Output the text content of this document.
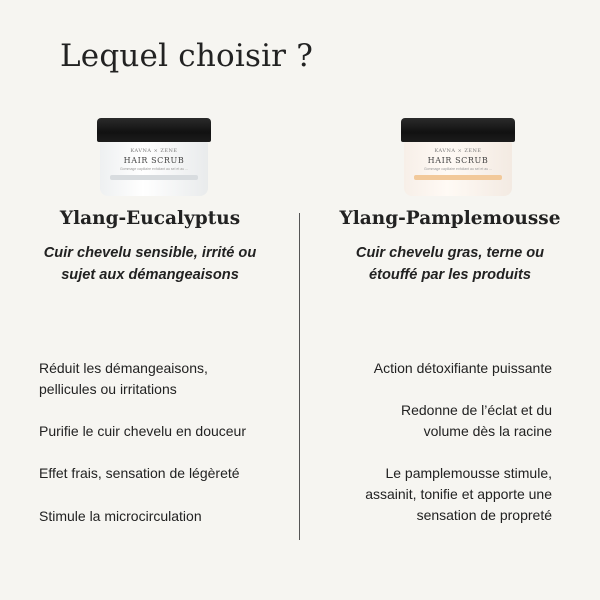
Lequel choisir ?
KAVNA × ZENE
HAIR SCRUB
Gommage capillaire exfoliant au sel et au ...
Ylang-Eucalyptus

Cuir chevelu sensible, irrité ou sujet aux démangeaisons

Réduit les démangeaisons,
pellicules ou irritations

Purifie le cuir chevelu en douceur

Effet frais, sensation de légèreté

Stimule la microcirculation

KAVNA × ZENE
HAIR SCRUB
Gommage capillaire exfoliant au sel et au ...
Ylang-Pamplemousse

Cuir chevelu gras, terne ou étouffé par les produits

Action détoxifiante puissante

Redonne de l’éclat et du
volume dès la racine

Le pamplemousse stimule,
assainit, tonifie et apporte une
sensation de propreté
